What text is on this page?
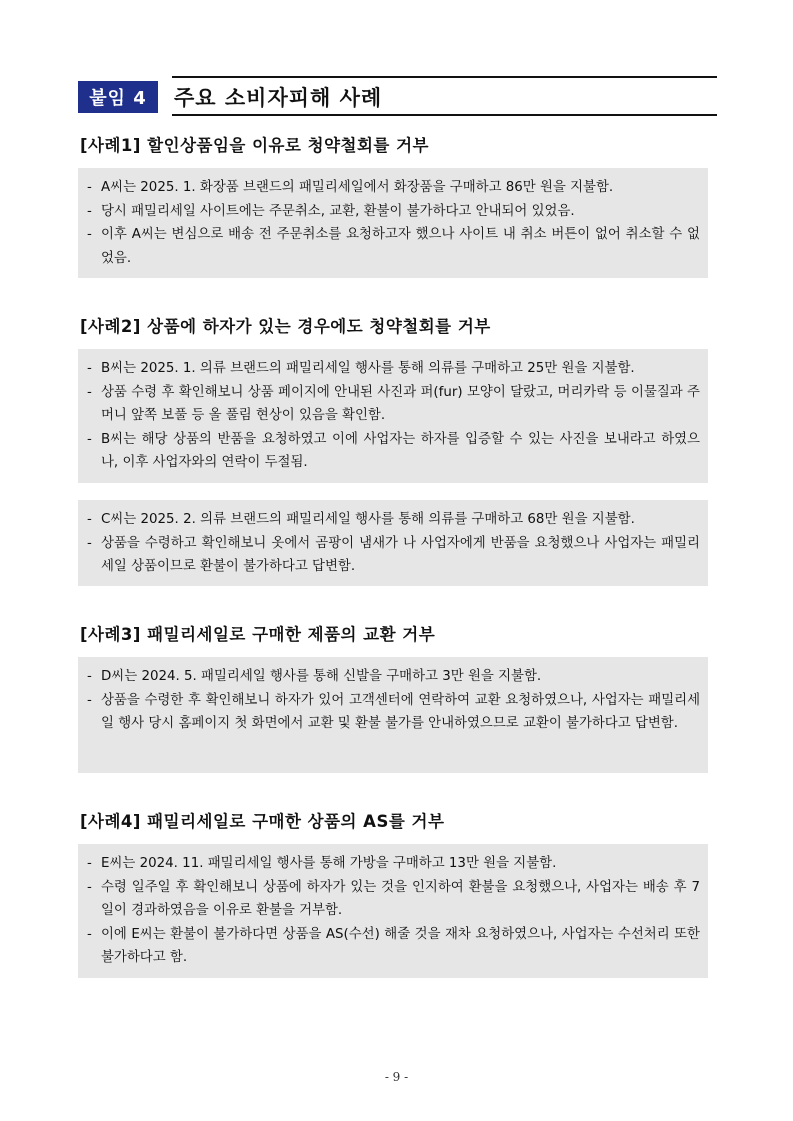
붙임 4	주요 소비자피해 사례
[사례1] 할인상품임을 이유로 청약철회를 거부
- A씨는 2025. 1. 화장품 브랜드의 패밀리세일에서 화장품을 구매하고 86만 원을 지불함.
- 당시 패밀리세일 사이트에는 주문취소, 교환, 환불이 불가하다고 안내되어 있었음.
- 이후 A씨는 변심으로 배송 전 주문취소를 요청하고자 했으나 사이트 내 취소 버튼이 없어 취소할 수 없었음.
[사례2] 상품에 하자가 있는 경우에도 청약철회를 거부
- B씨는 2025. 1. 의류 브랜드의 패밀리세일 행사를 통해 의류를 구매하고 25만 원을 지불함.
- 상품 수령 후 확인해보니 상품 페이지에 안내된 사진과 퍼(fur) 모양이 달랐고, 머리카락 등 이물질과 주머니 앞쪽 보풀 등 올 풀림 현상이 있음을 확인함.
- B씨는 해당 상품의 반품을 요청하였고 이에 사업자는 하자를 입증할 수 있는 사진을 보내라고 하였으나, 이후 사업자와의 연락이 두절됨.
- C씨는 2025. 2. 의류 브랜드의 패밀리세일 행사를 통해 의류를 구매하고 68만 원을 지불함.
- 상품을 수령하고 확인해보니 옷에서 곰팡이 냄새가 나 사업자에게 반품을 요청했으나 사업자는 패밀리세일 상품이므로 환불이 불가하다고 답변함.
[사례3] 패밀리세일로 구매한 제품의 교환 거부
- D씨는 2024. 5. 패밀리세일 행사를 통해 신발을 구매하고 3만 원을 지불함.
- 상품을 수령한 후 확인해보니 하자가 있어 고객센터에 연락하여 교환 요청하였으나, 사업자는 패밀리세일 행사 당시 홈페이지 첫 화면에서 교환 및 환불 불가를 안내하였으므로 교환이 불가하다고 답변함.
[사례4] 패밀리세일로 구매한 상품의 AS를 거부
- E씨는 2024. 11. 패밀리세일 행사를 통해 가방을 구매하고 13만 원을 지불함.
- 수령 일주일 후 확인해보니 상품에 하자가 있는 것을 인지하여 환불을 요청했으나, 사업자는 배송 후 7일이 경과하였음을 이유로 환불을 거부함.
- 이에 E씨는 환불이 불가하다면 상품을 AS(수선) 해줄 것을 재차 요청하였으나, 사업자는 수선처리 또한 불가하다고 함.
- 9 -
